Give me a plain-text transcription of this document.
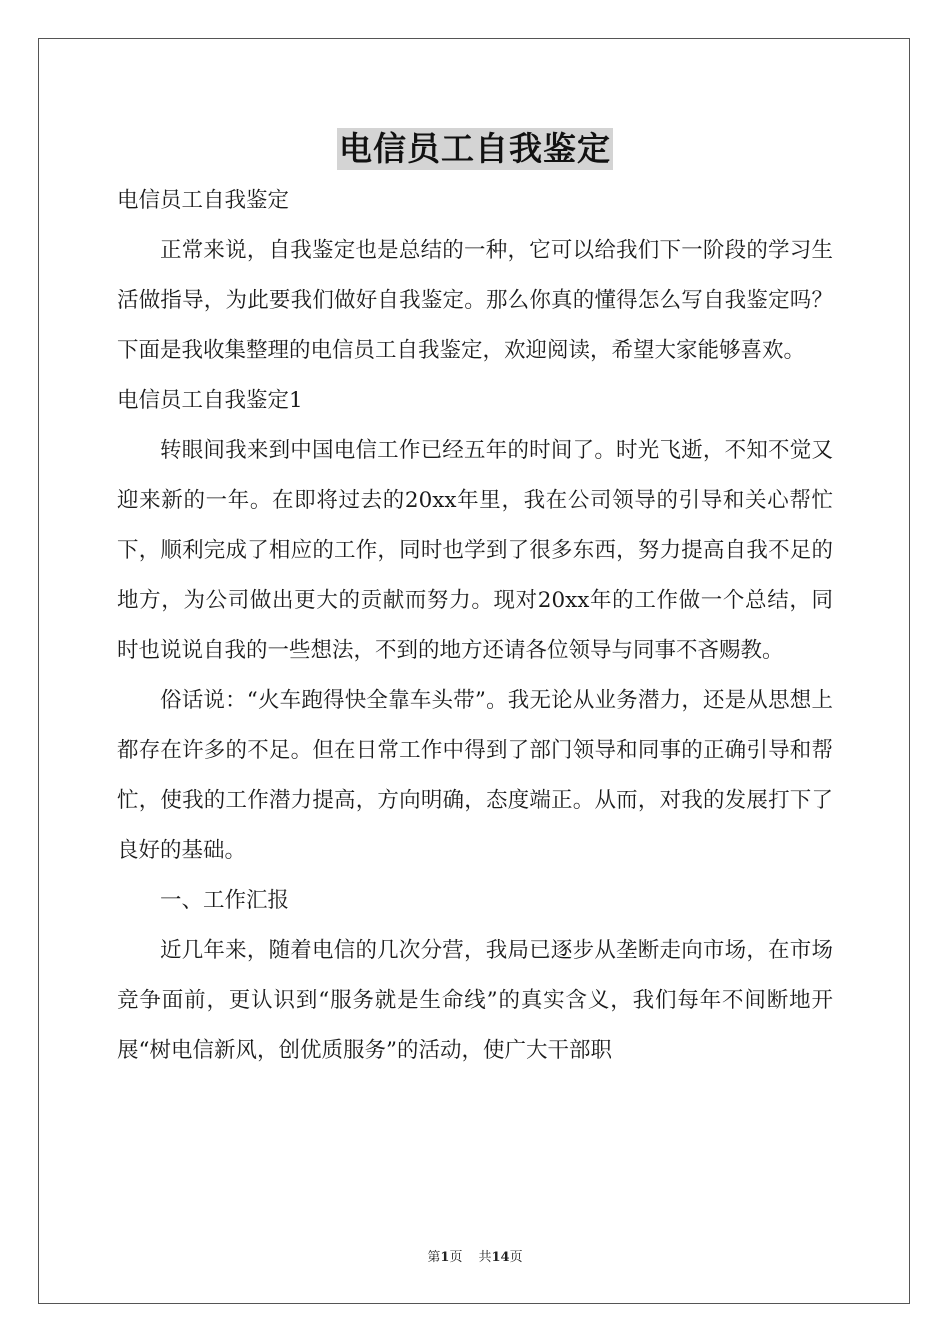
电信员工自我鉴定

电信员工自我鉴定

正常来说，自我鉴定也是总结的一种，它可以给我们下一阶段的学习生活做指导，为此要我们做好自我鉴定。那么你真的懂得怎么写自我鉴定吗？下面是我收集整理的电信员工自我鉴定，欢迎阅读，希望大家能够喜欢。

电信员工自我鉴定1

转眼间我来到中国电信工作已经五年的时间了。时光飞逝，不知不觉又迎来新的一年。在即将过去的20xx年里，我在公司领导的引导和关心帮忙下，顺利完成了相应的工作，同时也学到了很多东西，努力提高自我不足的地方，为公司做出更大的贡献而努力。现对20xx年的工作做一个总结，同时也说说自我的一些想法，不到的地方还请各位领导与同事不吝赐教。

俗话说：“火车跑得快全靠车头带”。我无论从业务潜力，还是从思想上都存在许多的不足。但在日常工作中得到了部门领导和同事的正确引导和帮忙，使我的工作潜力提高，方向明确，态度端正。从而，对我的发展打下了良好的基础。

一、工作汇报

近几年来，随着电信的几次分营，我局已逐步从垄断走向市场，在市场竞争面前，更认识到“服务就是生命线”的真实含义，我们每年不间断地开展“树电信新风，创优质服务”的活动，使广大干部职

第1页 共14页
